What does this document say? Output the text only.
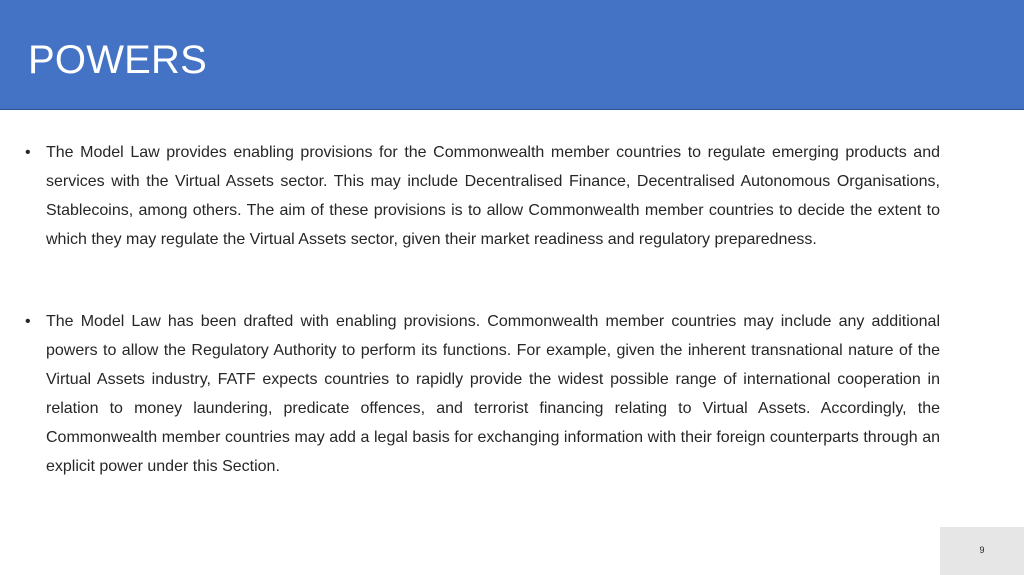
POWERS
• The Model Law provides enabling provisions for the Commonwealth member countries to regulate emerging products and services with the Virtual Assets sector. This may include Decentralised Finance, Decentralised Autonomous Organisations, Stablecoins, among others. The aim of these provisions is to allow Commonwealth member countries to decide the extent to which they may regulate the Virtual Assets sector, given their market readiness and regulatory preparedness.
• The Model Law has been drafted with enabling provisions. Commonwealth member countries may include any additional powers to allow the Regulatory Authority to perform its functions. For example, given the inherent transnational nature of the Virtual Assets industry, FATF expects countries to rapidly provide the widest possible range of international cooperation in relation to money laundering, predicate offences, and terrorist financing relating to Virtual Assets. Accordingly, the Commonwealth member countries may add a legal basis for exchanging information with their foreign counterparts through an explicit power under this Section.
9
